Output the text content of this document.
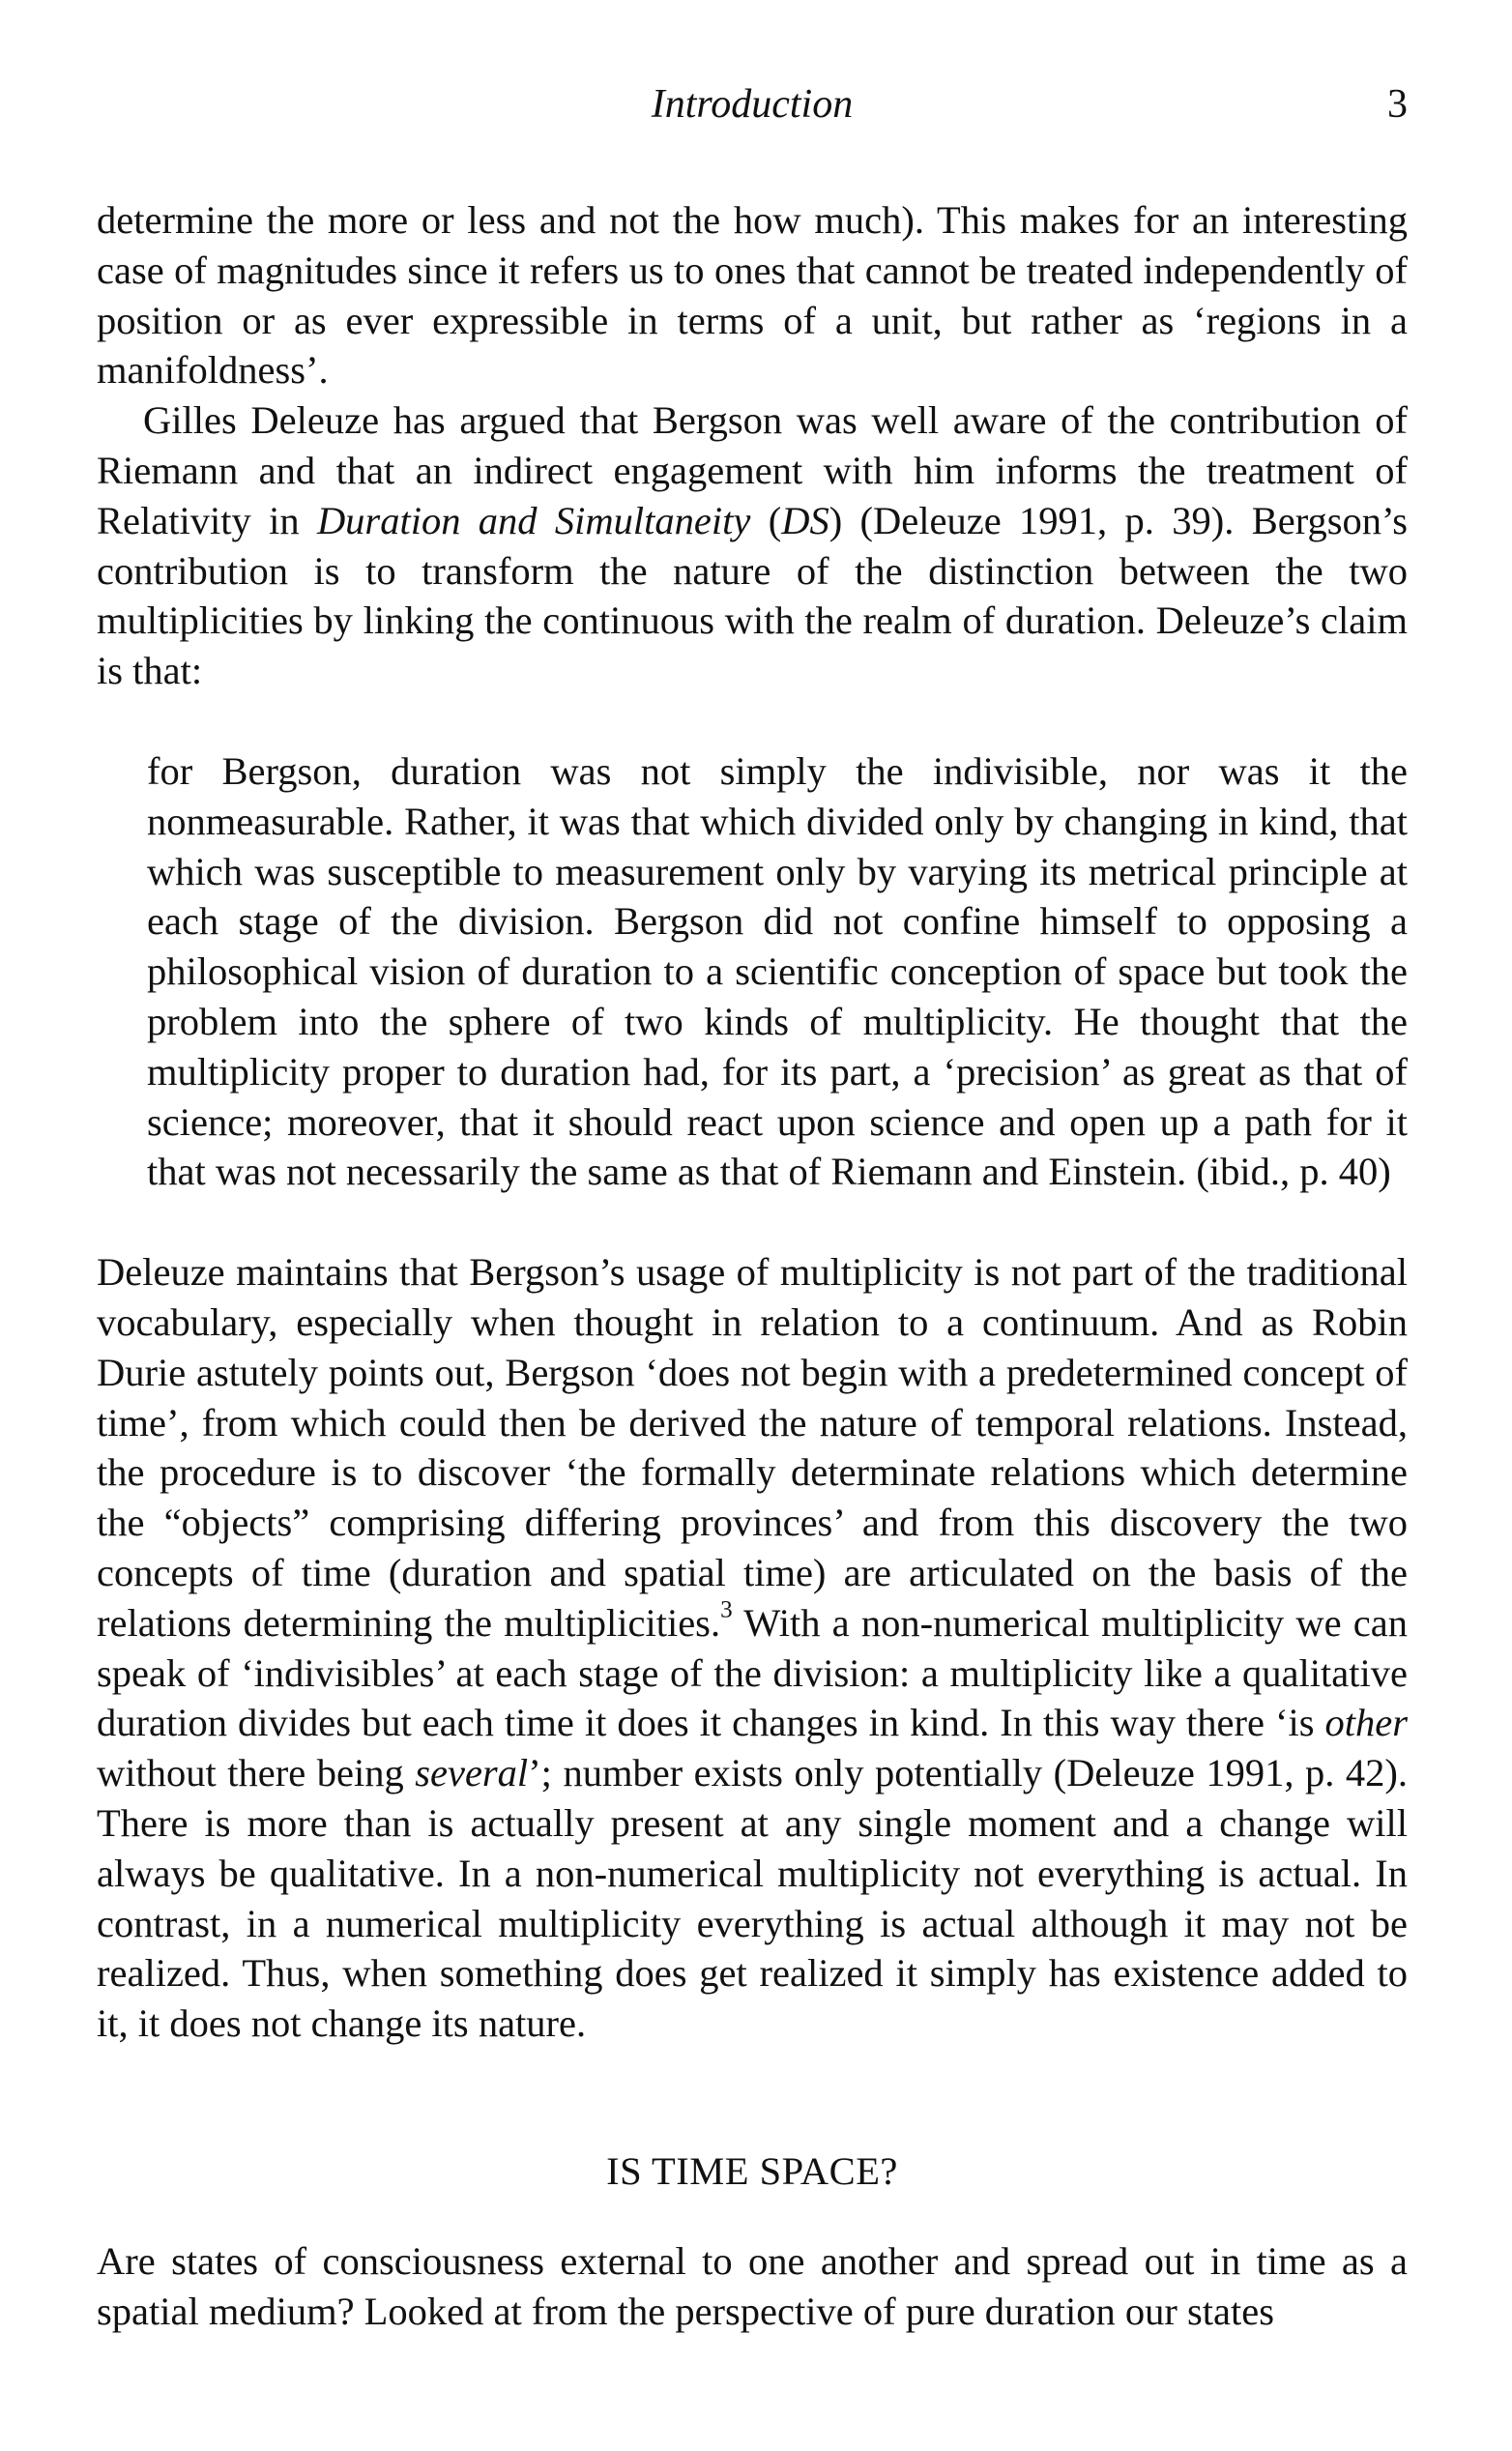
Introduction	3

determine the more or less and not the how much). This makes for an interesting case of magnitudes since it refers us to ones that cannot be treated independently of position or as ever expressible in terms of a unit, but rather as ‘regions in a manifoldness’.

Gilles Deleuze has argued that Bergson was well aware of the contribution of Riemann and that an indirect engagement with him informs the treatment of Relativity in Duration and Simultaneity (DS) (Deleuze 1991, p. 39). Bergson’s contribution is to transform the nature of the distinction between the two multiplicities by linking the continuous with the realm of duration. Deleuze’s claim is that:

for Bergson, duration was not simply the indivisible, nor was it the nonmeasurable. Rather, it was that which divided only by changing in kind, that which was susceptible to measurement only by varying its metrical principle at each stage of the division. Bergson did not confine himself to opposing a philosophical vision of duration to a scientific conception of space but took the problem into the sphere of two kinds of multiplicity. He thought that the multiplicity proper to duration had, for its part, a ‘precision’ as great as that of science; moreover, that it should react upon science and open up a path for it that was not necessarily the same as that of Riemann and Einstein. (ibid., p. 40)

Deleuze maintains that Bergson’s usage of multiplicity is not part of the traditional vocabulary, especially when thought in relation to a continuum. And as Robin Durie astutely points out, Bergson ‘does not begin with a predetermined concept of time’, from which could then be derived the nature of temporal relations. Instead, the procedure is to discover ‘the formally determinate relations which determine the “objects” comprising differing provinces’ and from this discovery the two concepts of time (duration and spatial time) are articulated on the basis of the relations determining the multiplicities.$^3$ With a non-numerical multiplicity we can speak of ‘indivisibles’ at each stage of the division: a multiplicity like a qualitative duration divides but each time it does it changes in kind. In this way there ‘is other without there being several’; number exists only potentially (Deleuze 1991, p. 42). There is more than is actually present at any single moment and a change will always be qualitative. In a non-numerical multiplicity not everything is actual. In contrast, in a numerical multiplicity everything is actual although it may not be realized. Thus, when something does get realized it simply has existence added to it, it does not change its nature.

IS TIME SPACE?

Are states of consciousness external to one another and spread out in time as a spatial medium? Looked at from the perspective of pure duration our states
